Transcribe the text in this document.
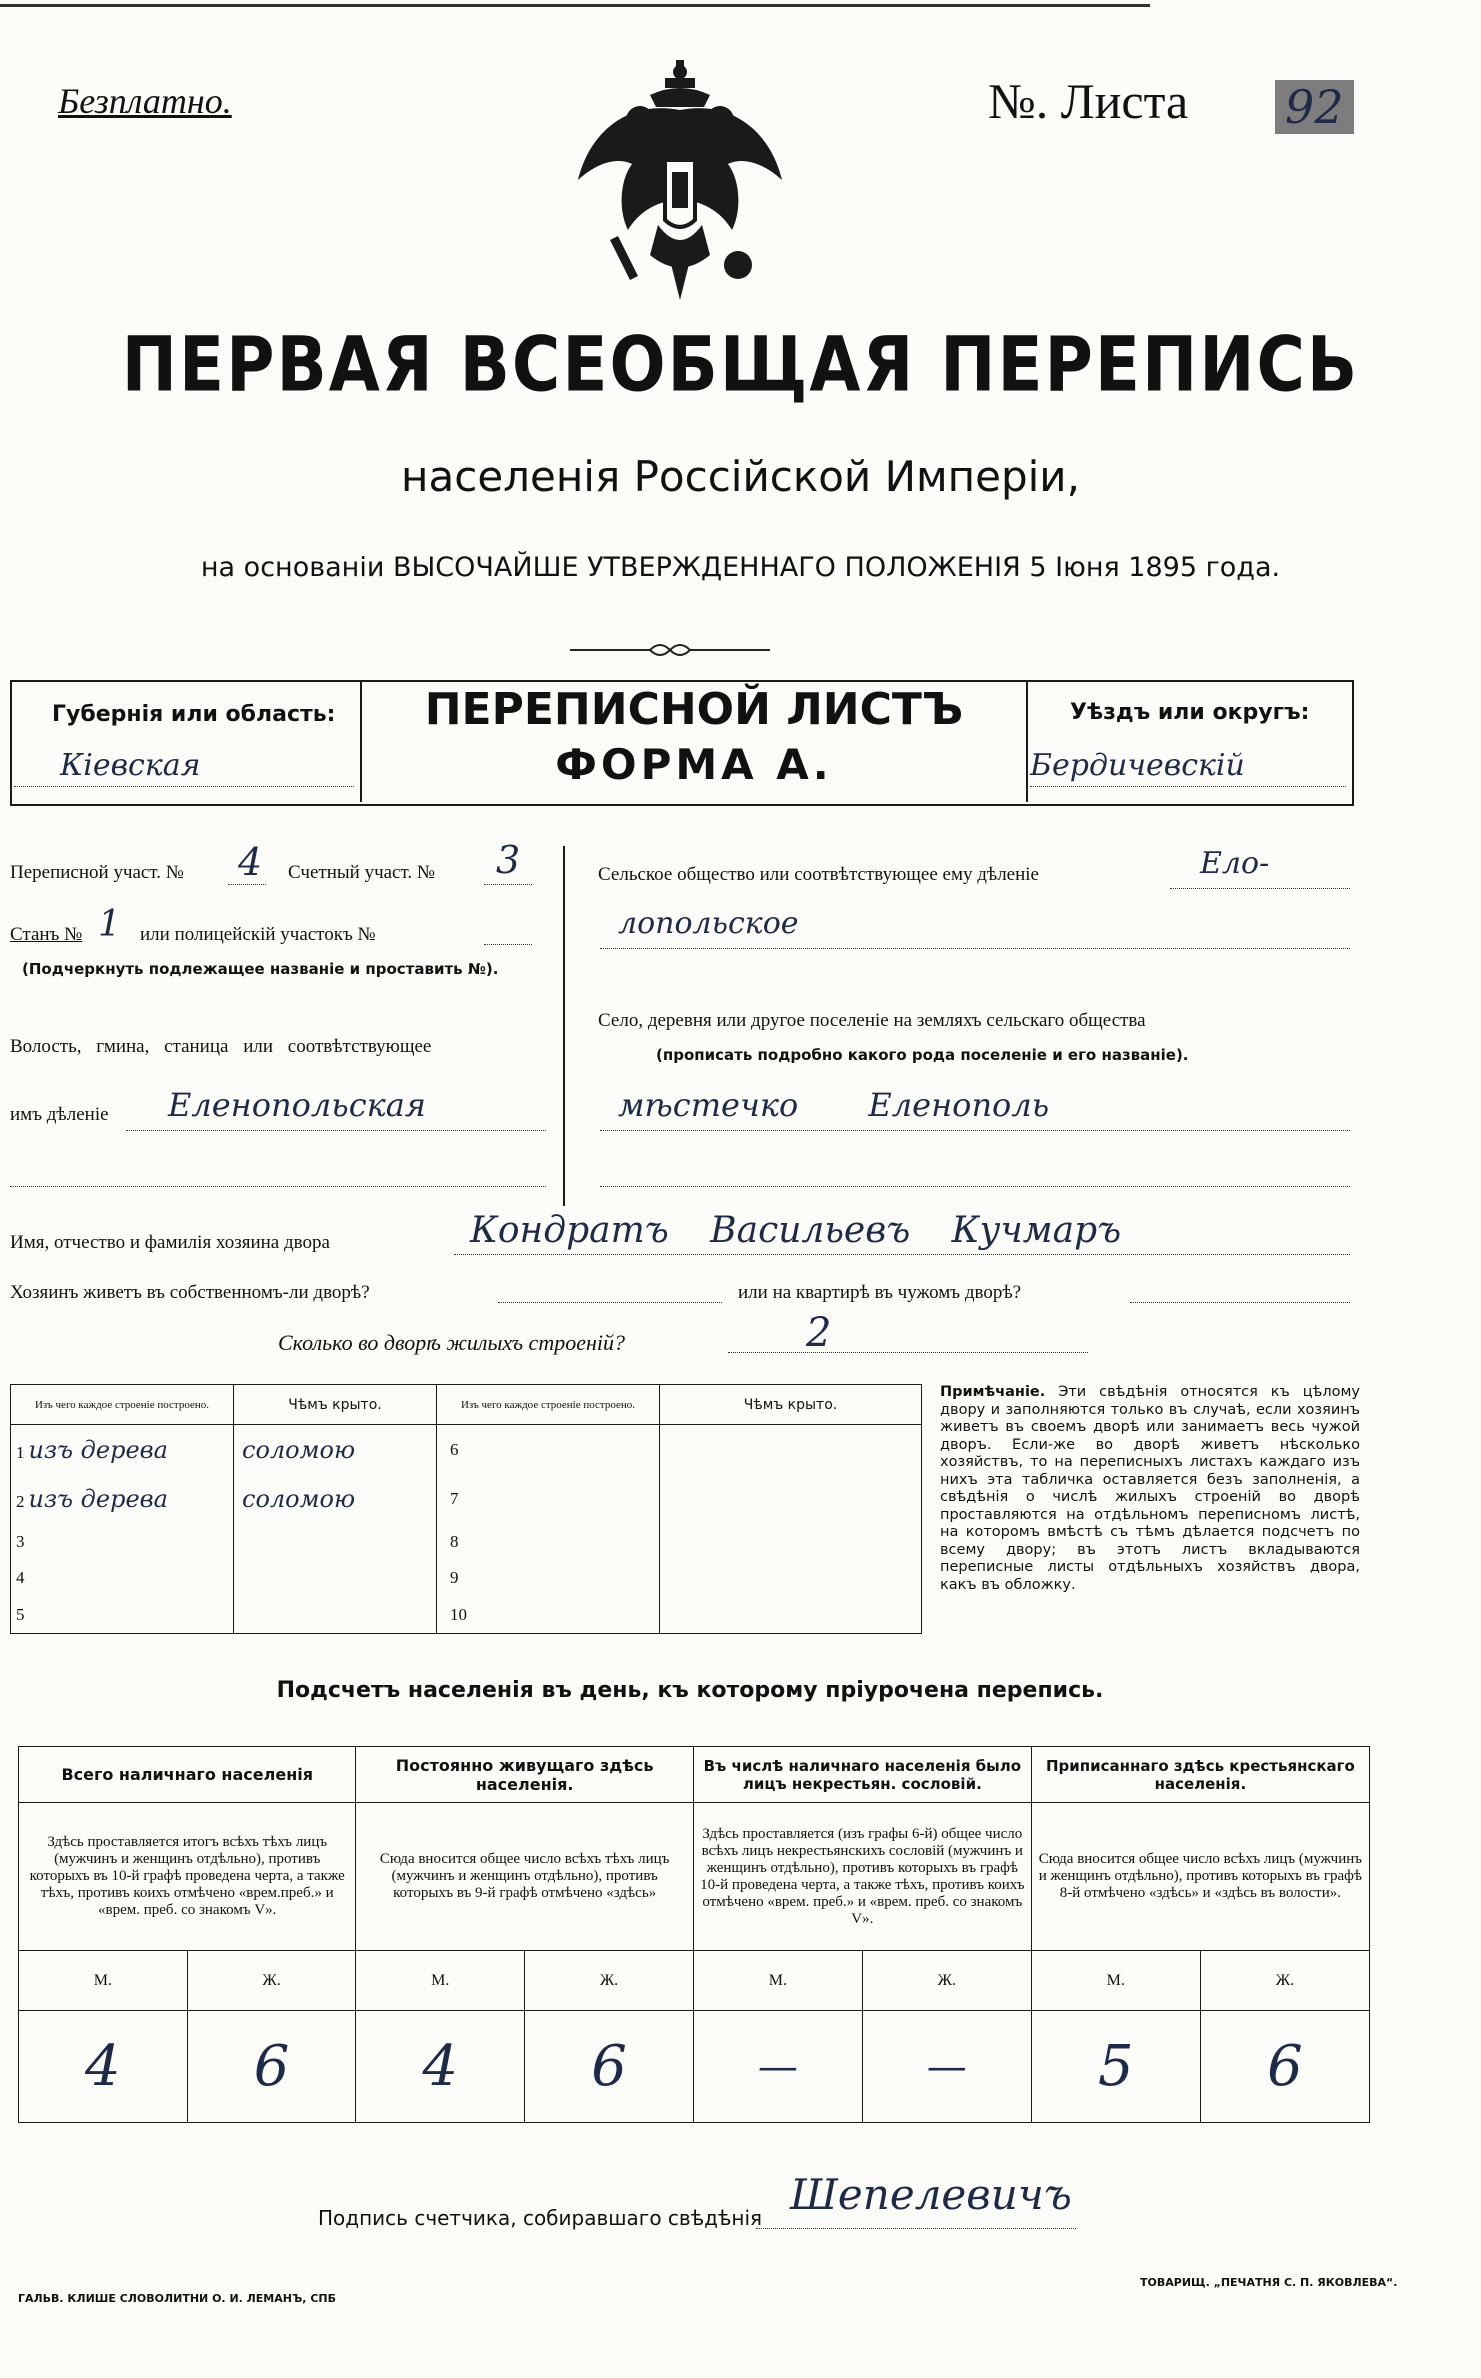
Безплатно.	№. Листа 92
ПЕРВАЯ ВСЕОБЩАЯ ПЕРЕПИСЬ
населенія Россійской Имперіи,
на основаніи ВЫСОЧАЙШЕ УТВЕРЖДЕННАГО ПОЛОЖЕНІЯ 5 Іюня 1895 года.
Губернія или область:
Кіевская
ПЕРЕПИСНОЙ ЛИСТЪ
ФОРМА А.
Уѣздъ или округъ:
Бердичевскій
Переписной участ. № 4 Счетный участ. № 3
Станъ № 1 или полицейскій участокъ №
(Подчеркнуть подлежащее названіе и проставить №).
Волость, гмина, станица или соотвѣтствующее
имъ дѣленіе Еленопольская
Сельское общество или соотвѣтствующее ему дѣленіе	Ело-
лопольское
Село, деревня или другое поселеніе на земляхъ сельскаго общества
(прописать подробно какого рода поселеніе и его названіе).
мѣстечко Еленополь
Имя, отчество и фамилія хозяина двора	Кондратъ Васильевъ Кучмаръ
Хозяинъ живетъ въ собственномъ-ли дворѣ?	или на квартирѣ въ чужомъ дворѣ?
Сколько во дворѣ жилыхъ строеній?	2
Изъ чего каждое строеніе построено.	Чѣмъ крыто.	Изъ чего каждое строеніе построено.	Чѣмъ крыто.
1 изъ дерева	соломою	6	
2 изъ дерева	соломою	7	
3		8	
4		9	
5		10	
Примѣчаніе. Эти свѣдѣнія относятся къ цѣлому двору и заполняются только въ случаѣ, если хозяинъ живетъ въ своемъ дворѣ или занимаетъ весь чужой дворъ. Если-же во дворѣ живетъ нѣсколько хозяйствъ, то на переписныхъ листахъ каждаго изъ нихъ эта табличка оставляется безъ заполненія, а свѣдѣнія о числѣ жилыхъ строеній во дворѣ проставляются на отдѣльномъ переписномъ листѣ, на которомъ вмѣстѣ съ тѣмъ дѣлается подсчетъ по всему двору; въ этотъ листъ вкладываются переписные листы отдѣльныхъ хозяйствъ двора, какъ въ обложку.
Подсчетъ населенія въ день, къ которому пріурочена перепись.
Всего наличнаго населенія		Постоянно живущаго здѣсь населенія.		Въ числѣ наличнаго населенія было лицъ некрестьян. сословій.		Приписаннаго здѣсь крестьянскаго населенія.	
Здѣсь проставляется итогъ всѣхъ тѣхъ лицъ (мужчинъ и женщинъ отдѣльно), противъ которыхъ въ 10-й графѣ проведена черта, а также тѣхъ, противъ коихъ отмѣчено «врем.преб.» и «врем. преб. со знакомъ V».		Сюда вносится общее число всѣхъ тѣхъ лицъ (мужчинъ и женщинъ отдѣльно), противъ которыхъ въ 9-й графѣ отмѣчено «здѣсь»		Здѣсь проставляется (изъ графы 6-й) общее число всѣхъ лицъ некрестьянскихъ сословій (мужчинъ и женщинъ отдѣльно), противъ которыхъ въ графѣ 10-й проведена черта, а также тѣхъ, противъ коихъ отмѣчено «врем. преб.» и «врем. преб. со знакомъ V».		Сюда вносится общее число всѣхъ лицъ (мужчинъ и женщинъ отдѣльно), противъ которыхъ въ графѣ 8-й отмѣчено «здѣсь» и «здѣсь въ волости».	
М.	Ж.	М.	Ж.	М.	Ж.	М.	Ж.
4	6	4	6	—	—	5	6
Подпись счетчика, собиравшаго свѣдѣнія Шепелевичъ
ГАЛЬВ. КЛИШЕ СЛОВОЛИТНИ О. И. ЛЕМАНЪ, СПБ
ТОВАРИЩ. „ПЕЧАТНЯ С. П. ЯКОВЛЕВА“.
